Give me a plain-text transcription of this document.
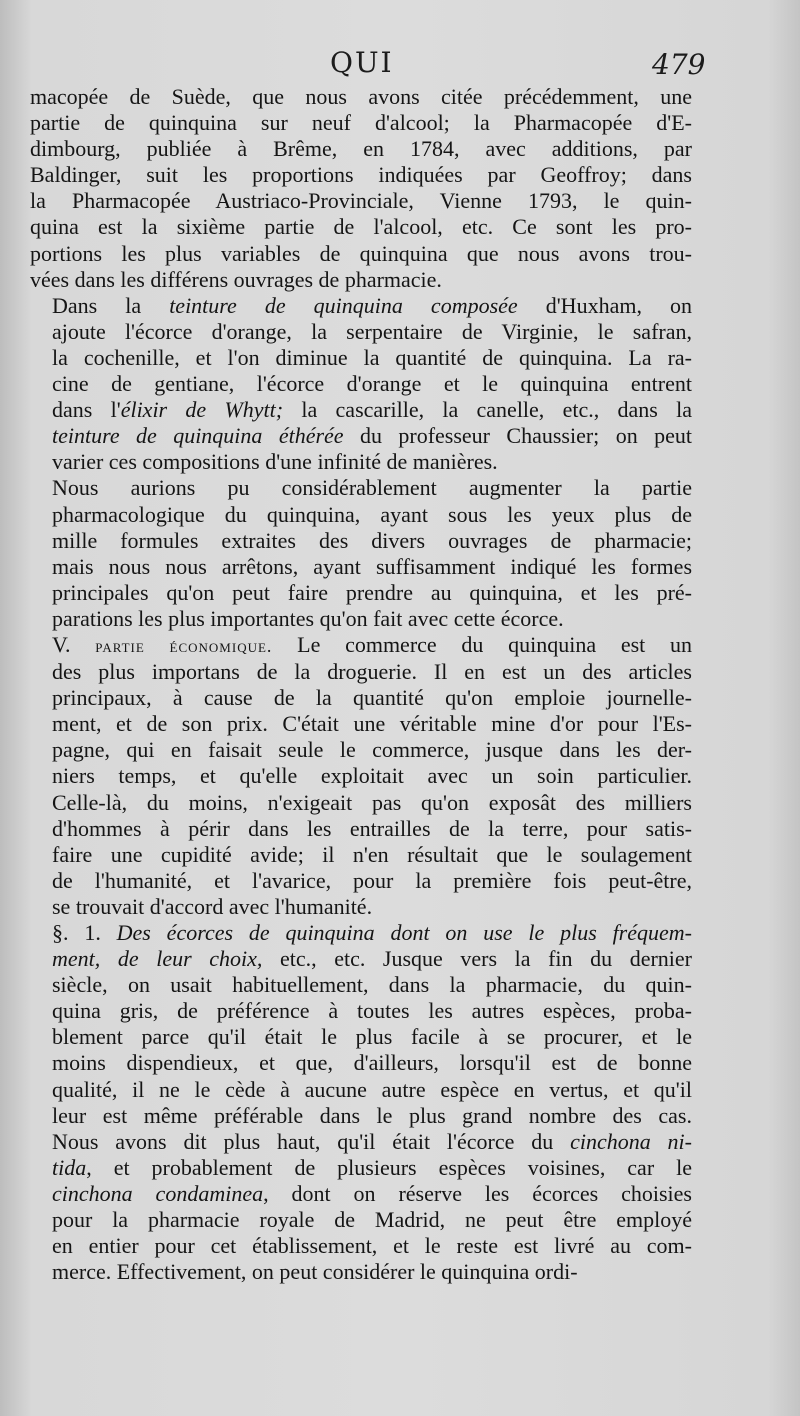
QUI	479
macopée de Suède, que nous avons citée précédemment, une
partie de quinquina sur neuf d'alcool; la Pharmacopée d'E-
dimbourg, publiée à Brême, en 1784, avec additions, par
Baldinger, suit les proportions indiquées par Geoffroy; dans
la Pharmacopée Austriaco-Provinciale, Vienne 1793, le quin-
quina est la sixième partie de l'alcool, etc. Ce sont les pro-
portions les plus variables de quinquina que nous avons trou-
vées dans les différens ouvrages de pharmacie.
Dans la teinture de quinquina composée d'Huxham, on
ajoute l'écorce d'orange, la serpentaire de Virginie, le safran,
la cochenille, et l'on diminue la quantité de quinquina. La ra-
cine de gentiane, l'écorce d'orange et le quinquina entrent
dans l'élixir de Whytt; la cascarille, la canelle, etc., dans la
teinture de quinquina éthérée du professeur Chaussier; on peut
varier ces compositions d'une infinité de manières.
Nous aurions pu considérablement augmenter la partie
pharmacologique du quinquina, ayant sous les yeux plus de
mille formules extraites des divers ouvrages de pharmacie;
mais nous nous arrêtons, ayant suffisamment indiqué les formes
principales qu'on peut faire prendre au quinquina, et les pré-
parations les plus importantes qu'on fait avec cette écorce.
V. partie économique. Le commerce du quinquina est un
des plus importans de la droguerie. Il en est un des articles
principaux, à cause de la quantité qu'on emploie journelle-
ment, et de son prix. C'était une véritable mine d'or pour l'Es-
pagne, qui en faisait seule le commerce, jusque dans les der-
niers temps, et qu'elle exploitait avec un soin particulier.
Celle-là, du moins, n'exigeait pas qu'on exposât des milliers
d'hommes à périr dans les entrailles de la terre, pour satis-
faire une cupidité avide; il n'en résultait que le soulagement
de l'humanité, et l'avarice, pour la première fois peut-être,
se trouvait d'accord avec l'humanité.
§. 1. Des écorces de quinquina dont on use le plus fréquem-
ment, de leur choix, etc., etc. Jusque vers la fin du dernier
siècle, on usait habituellement, dans la pharmacie, du quin-
quina gris, de préférence à toutes les autres espèces, proba-
blement parce qu'il était le plus facile à se procurer, et le
moins dispendieux, et que, d'ailleurs, lorsqu'il est de bonne
qualité, il ne le cède à aucune autre espèce en vertus, et qu'il
leur est même préférable dans le plus grand nombre des cas.
Nous avons dit plus haut, qu'il était l'écorce du cinchona ni-
tida, et probablement de plusieurs espèces voisines, car le
cinchona condaminea, dont on réserve les écorces choisies
pour la pharmacie royale de Madrid, ne peut être employé
en entier pour cet établissement, et le reste est livré au com-
merce. Effectivement, on peut considérer le quinquina ordi-
